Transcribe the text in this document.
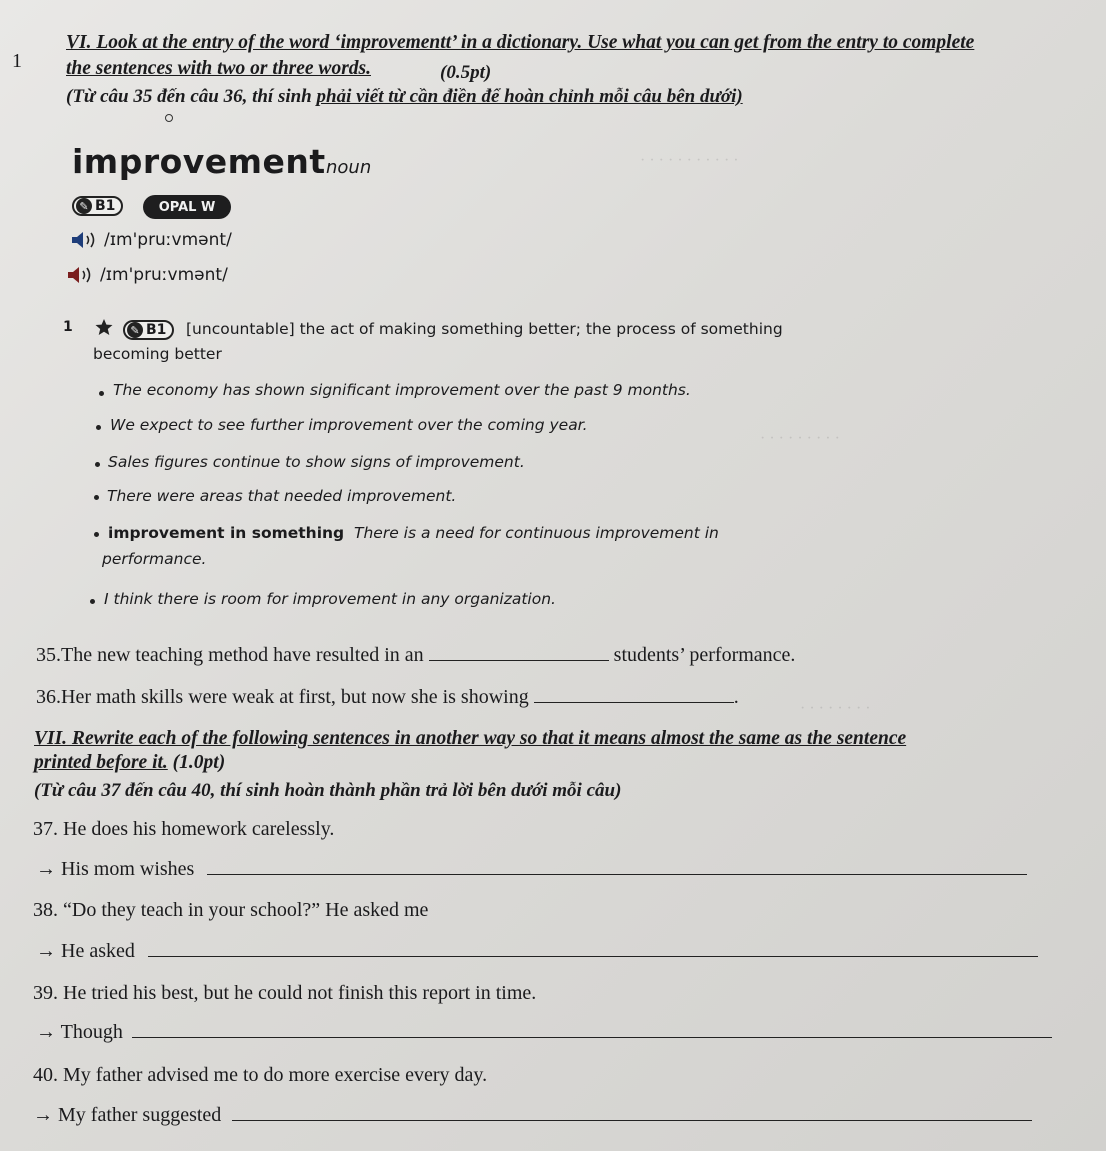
· · · · · · · · · · ·
· · · · · · · · ·
· · · · · · · ·
1
VI. Look at the entry of the word ‘improvementt’ in a dictionary. Use what you can get from the entry to complete
the sentences with two or three words.	(0.5pt)
(Từ câu 35 đến câu 36, thí sinh phải viết từ cần điền để hoàn chỉnh mỗi câu bên dưới)
improvement noun
✎ B1	OPAL W
/ɪm'pruːvmənt/
/ɪm'pruːvmənt/
1	✎ B1 [uncountable] the act of making something better; the process of something
becoming better
The economy has shown significant improvement over the past 9 months.
We expect to see further improvement over the coming year.
Sales figures continue to show signs of improvement.
There were areas that needed improvement.
improvement in something There is a need for continuous improvement in
performance.
I think there is room for improvement in any organization.
35.The new teaching method have resulted in an	students’ performance.
36.Her math skills were weak at first, but now she is showing	.
VII. Rewrite each of the following sentences in another way so that it means almost the same as the sentence
printed before it. (1.0pt)
(Từ câu 37 đến câu 40, thí sinh hoàn thành phần trả lời bên dưới mỗi câu)
37. He does his homework carelessly.
→ His mom wishes
38. “Do they teach in your school?” He asked me
→ He asked
39. He tried his best, but he could not finish this report in time.
→ Though
40. My father advised me to do more exercise every day.
→ My father suggested
